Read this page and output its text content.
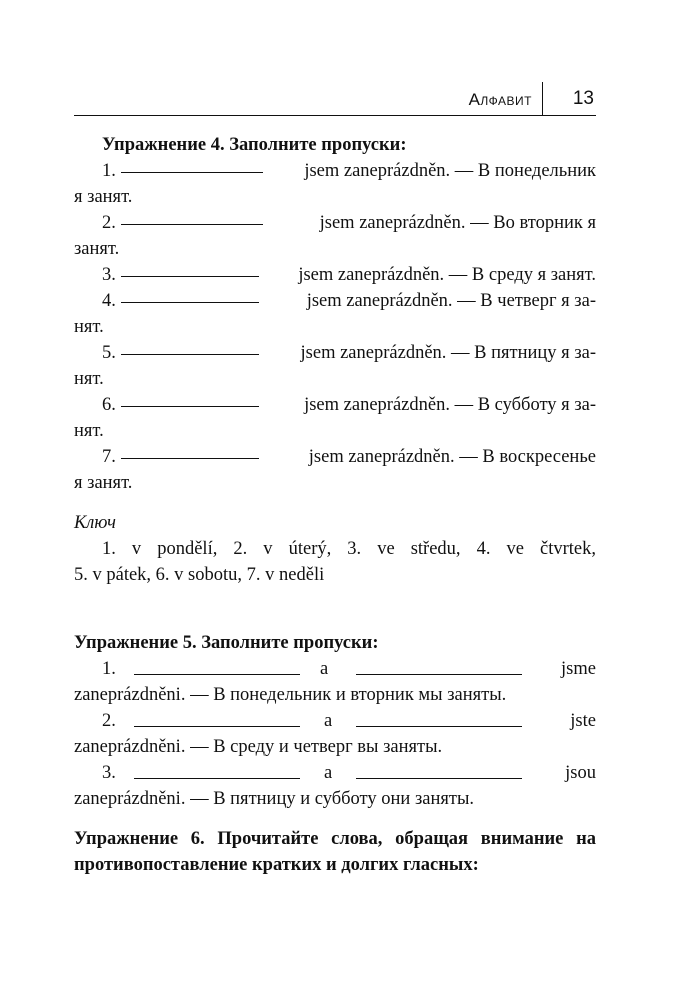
Алфавит 13
Упражнение 4. Заполните пропуски:
1.	jsem zaneprázdněn. — В понедельник
я занят.
2.	jsem zaneprázdněn. — Во вторник я
занят.
3.	jsem zaneprázdněn. — В среду я занят.
4.	jsem zaneprázdněn. — В четверг я за-
нят.
5.	jsem zaneprázdněn. — В пятницу я за-
нят.
6.	jsem zaneprázdněn. — В субботу я за-
нят.
7.	jsem zaneprázdněn. — В воскресенье
я занят.
Ключ
1. v pondělí, 2. v úterý, 3. ve středu, 4. ve čtvrtek,
5. v pátek, 6. v sobotu, 7. v neděli
Упражнение 5. Заполните пропуски:
1.	a	jsme
zaneprázdněni. — В понедельник и вторник мы заняты.
2.	a	jste
zaneprázdněni. — В среду и четверг вы заняты.
3.	a	jsou
zaneprázdněni. — В пятницу и субботу они заняты.
Упражнение 6. Прочитайте слова, обращая внимание на
противопоставление кратких и долгих гласных:
